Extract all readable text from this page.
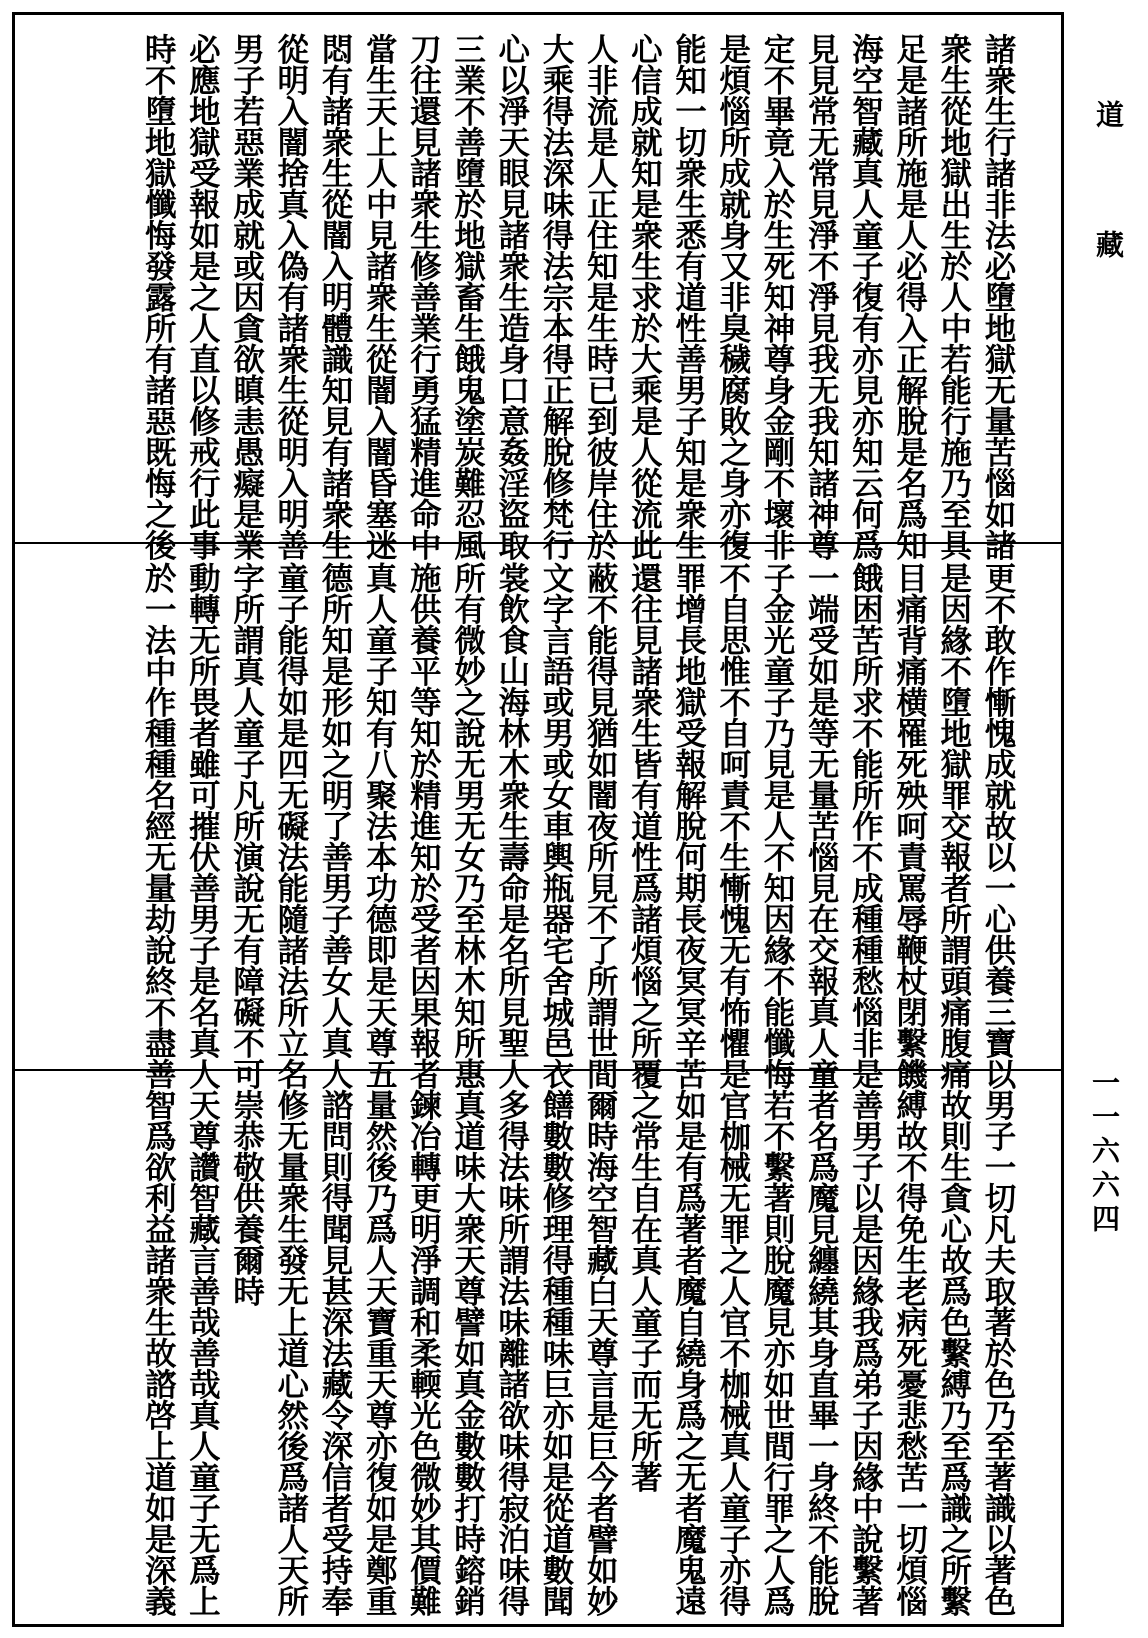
諸衆生行諸非法必墮地獄无量苦惱如諸
衆生從地獄出生於人中若能行施乃至具
足是諸所施是人必得入正解脫是名爲知
海空智藏真人童子復有亦見亦知云何爲
見見常无常見淨不淨見我无我知諸神尊
定不畢竟入於生死知神尊身金剛不壞非
是煩惱所成就身又非臭穢腐敗之身亦復
能知一切衆生悉有道性善男子知是衆生
心信成就知是衆生求於大乘是人從流此
人非流是人正住知是生時已到彼岸住於
大乘得法深味得法宗本得正解脫修梵行
心以淨天眼見諸衆生造身口意姦淫盜取
三業不善墮於地獄畜生餓鬼塗炭難忍風
刀往還見諸衆生修善業行勇猛精進命中
當生天上人中見諸衆生從闇入闇昏塞迷
悶有諸衆生從闇入明體識知見有諸衆生
從明入闇捨真入偽有諸衆生從明入明善
男子若惡業成就或因貪欲瞋恚愚癡是業
必應地獄受報如是之人直以修戒行此事
時不墮地獄懺悔發露所有諸惡既悔之後
更不敢作慚愧成就故以一心供養三寶以
是因緣不墮地獄罪交報者所謂頭痛腹痛
目痛背痛横罹死殃呵責罵辱鞭杖閉繫饑
餓困苦所求不能所作不成種種愁惱非是
一端受如是等无量苦惱見在交報真人童
子金光童子乃見是人不知因緣不能懺悔
不自思惟不自呵責不生慚愧无有怖懼是
罪增長地獄受報解脫何期長夜冥冥辛苦
還往見諸衆生皆有道性爲諸煩惱之所覆
蔽不能得見猶如闇夜所見不了所謂世間
文字言語或男或女車輿瓶器宅舍城邑衣
裳飲食山海林木衆生壽命是名所見聖人
所有微妙之說无男无女乃至林木知所惠
施供養平等知於精進知於受者因果報者
真人童子知有八聚法本功德即是天尊五
德所知是形如之明了善男子善女人真人
童子能得如是四无礙法能隨諸法所立名
字所謂真人童子凡所演說无有障礙不可
動轉无所畏者雖可摧伏善男子是名真人
於一法中作種種名經无量劫說終不盡善
男子一切凡夫取著於色乃至著識以著色
故則生貪心故爲色繫縛乃至爲識之所繫
縛故不得免生老病死憂悲愁苦一切煩惱
善男子以是因緣我爲弟子因緣中說繫著
者名爲魔見纏繞其身直畢一身終不能脫
若不繫著則脫魔見亦如世間行罪之人爲
官枷械无罪之人官不枷械真人童子亦得
如是有爲著者魔自繞身爲之无者魔鬼遠
之常生自在真人童子而无所著
爾時海空智藏白天尊言是巨今者譬如妙
饍數數修理得種種味巨亦如是從道數聞
多得法味所謂法味離諸欲味得寂泊味得
真道味大衆天尊譬如真金數數打時鎔銷
鍊冶轉更明淨調和柔輭光色微妙其價難
量然後乃爲人天寶重天尊亦復如是鄭重
諮問則得聞見甚深法藏令深信者受持奉
修无量衆生發无上道心然後爲諸人天所
崇恭敬供養爾時
天尊讚智藏言善哉善哉真人童子无爲上
智爲欲利益諸衆生故諮啓上道如是深義
道
藏
一一六六四
